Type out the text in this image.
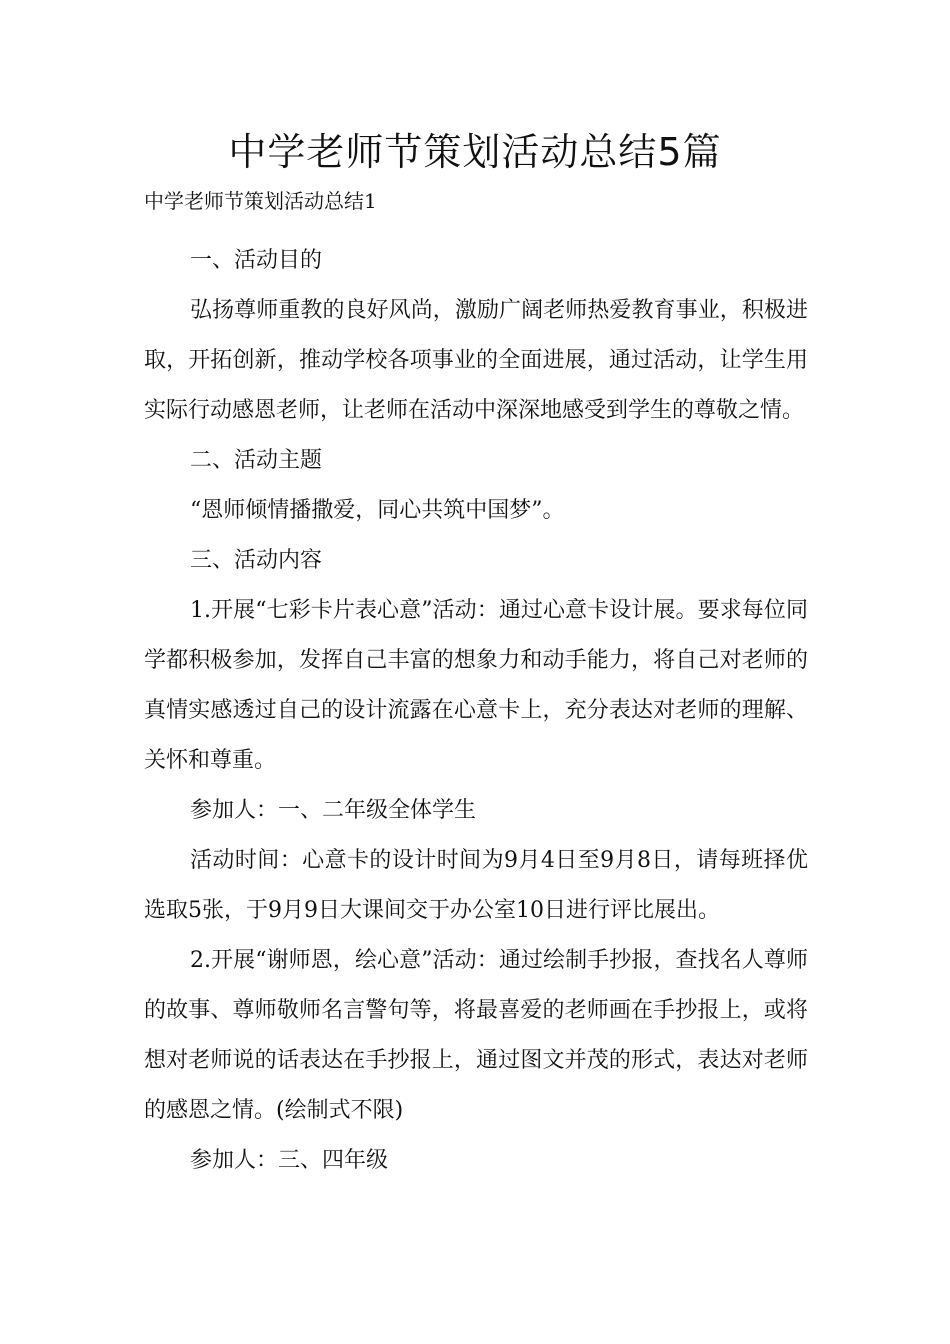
中学老师节策划活动总结5篇

中学老师节策划活动总结1

一、活动目的

弘扬尊师重教的良好风尚，激励广阔老师热爱教育事业，积极进取，开拓创新，推动学校各项事业的全面进展，通过活动，让学生用实际行动感恩老师，让老师在活动中深深地感受到学生的尊敬之情。

二、活动主题

“恩师倾情播撒爱，同心共筑中国梦”。

三、活动内容

1.开展“七彩卡片表心意”活动：通过心意卡设计展。要求每位同学都积极参加，发挥自己丰富的想象力和动手能力，将自己对老师的真情实感透过自己的设计流露在心意卡上，充分表达对老师的理解、关怀和尊重。

参加人：一、二年级全体学生

活动时间：心意卡的设计时间为9月4日至9月8日，请每班择优选取5张，于9月9日大课间交于办公室10日进行评比展出。

2.开展“谢师恩，绘心意”活动：通过绘制手抄报，查找名人尊师的故事、尊师敬师名言警句等，将最喜爱的老师画在手抄报上，或将想对老师说的话表达在手抄报上，通过图文并茂的形式，表达对老师的感恩之情。(绘制式不限)

参加人：三、四年级
